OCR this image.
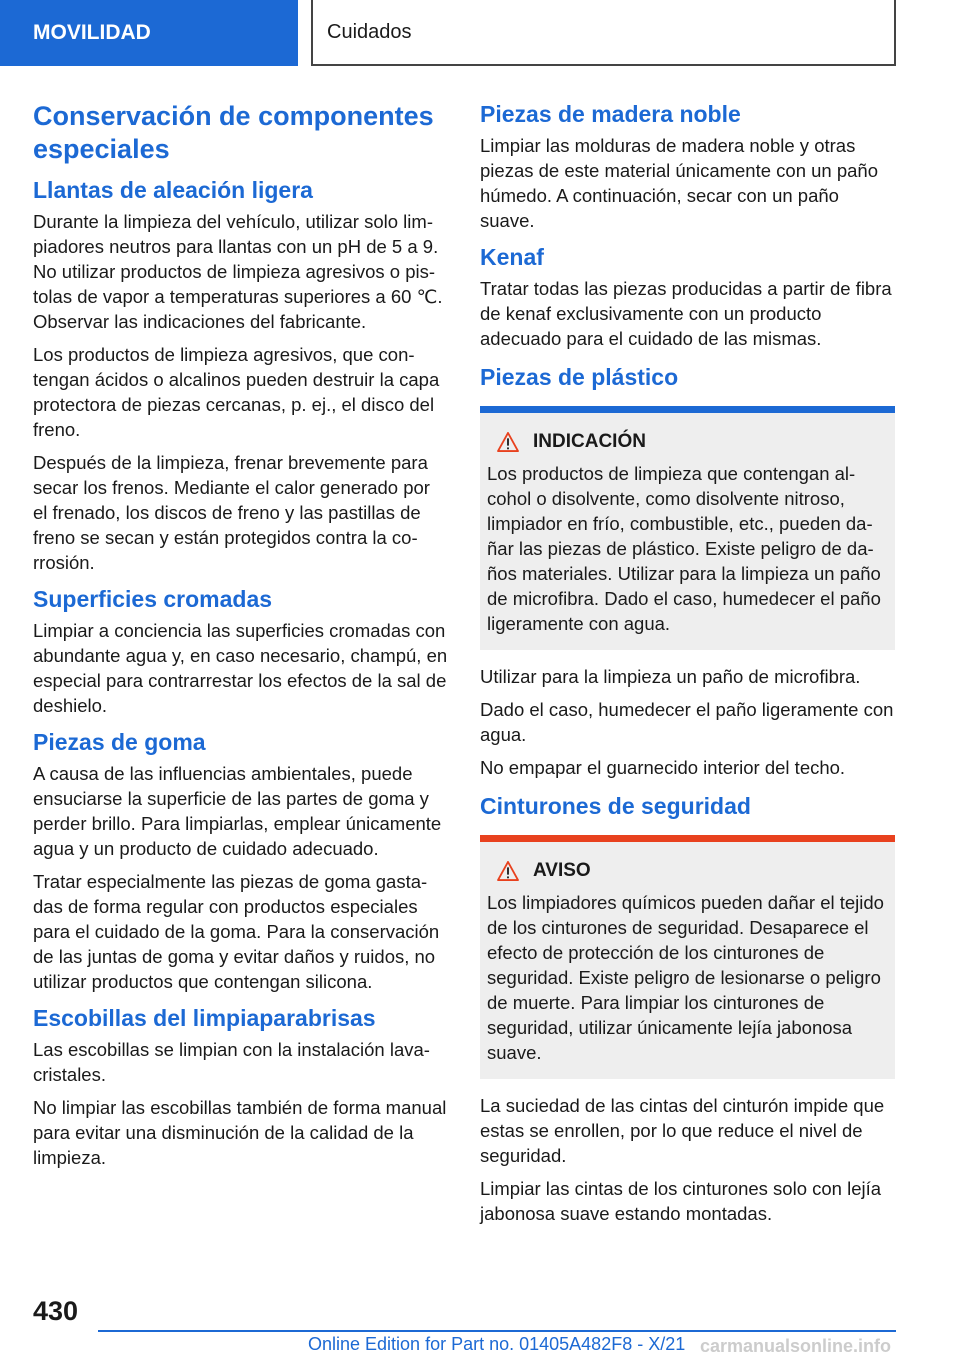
MOVILIDAD	Cuidados
Conservación de componentes especiales
Llantas de aleación ligera

Durante la limpieza del vehículo, utilizar solo limpiadores neutros para llantas con un pH de 5 a 9. No utilizar productos de limpieza agresivos o pistolas de vapor a temperaturas superiores a 60 ℃. Observar las indicaciones del fabricante.

Los productos de limpieza agresivos, que contengan ácidos o alcalinos pueden destruir la capa protectora de piezas cercanas, p. ej., el disco del freno.

Después de la limpieza, frenar brevemente para secar los frenos. Mediante el calor generado por el frenado, los discos de freno y las pastillas de freno se secan y están protegidos contra la corrosión.

Superficies cromadas

Limpiar a conciencia las superficies cromadas con abundante agua y, en caso necesario, champú, en especial para contrarrestar los efectos de la sal de deshielo.

Piezas de goma

A causa de las influencias ambientales, puede ensuciarse la superficie de las partes de goma y perder brillo. Para limpiarlas, emplear únicamente agua y un producto de cuidado adecuado.

Tratar especialmente las piezas de goma gastadas de forma regular con productos especiales para el cuidado de la goma. Para la conservación de las juntas de goma y evitar daños y ruidos, no utilizar productos que contengan silicona.

Escobillas del limpiaparabrisas

Las escobillas se limpian con la instalación lavacristales.

No limpiar las escobillas también de forma manual para evitar una disminución de la calidad de la limpieza.

Piezas de madera noble

Limpiar las molduras de madera noble y otras piezas de este material únicamente con un paño húmedo. A continuación, secar con un paño suave.

Kenaf

Tratar todas las piezas producidas a partir de fibra de kenaf exclusivamente con un producto adecuado para el cuidado de las mismas.

Piezas de plástico
INDICACIÓN

Los productos de limpieza que contengan alcohol o disolvente, como disolvente nitroso, limpiador en frío, combustible, etc., pueden dañar las piezas de plástico. Existe peligro de daños materiales. Utilizar para la limpieza un paño de microfibra. Dado el caso, humedecer el paño ligeramente con agua.

Utilizar para la limpieza un paño de microfibra.

Dado el caso, humedecer el paño ligeramente con agua.

No empapar el guarnecido interior del techo.

Cinturones de seguridad
AVISO

Los limpiadores químicos pueden dañar el tejido de los cinturones de seguridad. Desaparece el efecto de protección de los cinturones de seguridad. Existe peligro de lesionarse o peligro de muerte. Para limpiar los cinturones de seguridad, utilizar únicamente lejía jabonosa suave.

La suciedad de las cintas del cinturón impide que estas se enrollen, por lo que reduce el nivel de seguridad.

Limpiar las cintas de los cinturones solo con lejía jabonosa suave estando montadas.

430
Online Edition for Part no. 01405A482F8 - X/21 carmanualsonline.info
